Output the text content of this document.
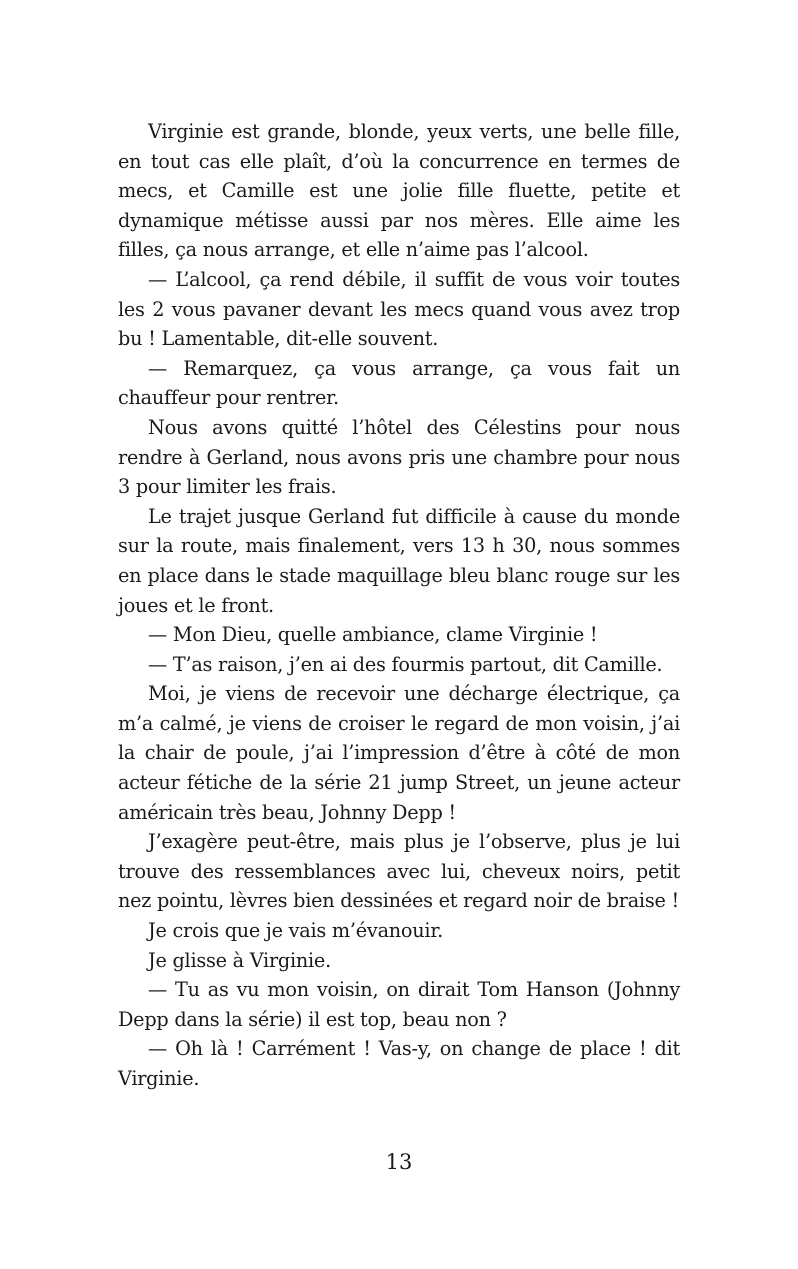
Virginie est grande, blonde, yeux verts, une belle fille, en tout cas elle plaît, d’où la concurrence en termes de mecs, et Camille est une jolie fille fluette, petite et dynamique métisse aussi par nos mères. Elle aime les filles, ça nous arrange, et elle n’aime pas l’alcool.

— L’alcool, ça rend débile, il suffit de vous voir toutes les 2 vous pavaner devant les mecs quand vous avez trop bu ! Lamentable, dit-elle souvent.

— Remarquez, ça vous arrange, ça vous fait un chauffeur pour rentrer.

Nous avons quitté l’hôtel des Célestins pour nous rendre à Gerland, nous avons pris une chambre pour nous 3 pour limiter les frais.

Le trajet jusque Gerland fut difficile à cause du monde sur la route, mais finalement, vers 13 h 30, nous sommes en place dans le stade maquillage bleu blanc rouge sur les joues et le front.

— Mon Dieu, quelle ambiance, clame Virginie !

— T’as raison, j’en ai des fourmis partout, dit Camille.

Moi, je viens de recevoir une décharge électrique, ça m’a calmé, je viens de croiser le regard de mon voisin, j’ai la chair de poule, j’ai l’impression d’être à côté de mon acteur fétiche de la série 21 jump Street, un jeune acteur américain très beau, Johnny Depp !

J’exagère peut-être, mais plus je l’observe, plus je lui trouve des ressemblances avec lui, cheveux noirs, petit nez pointu, lèvres bien dessinées et regard noir de braise !

Je crois que je vais m’évanouir.

Je glisse à Virginie.

— Tu as vu mon voisin, on dirait Tom Hanson (Johnny Depp dans la série) il est top, beau non ?

— Oh là ! Carrément ! Vas-y, on change de place ! dit Virginie.

13
